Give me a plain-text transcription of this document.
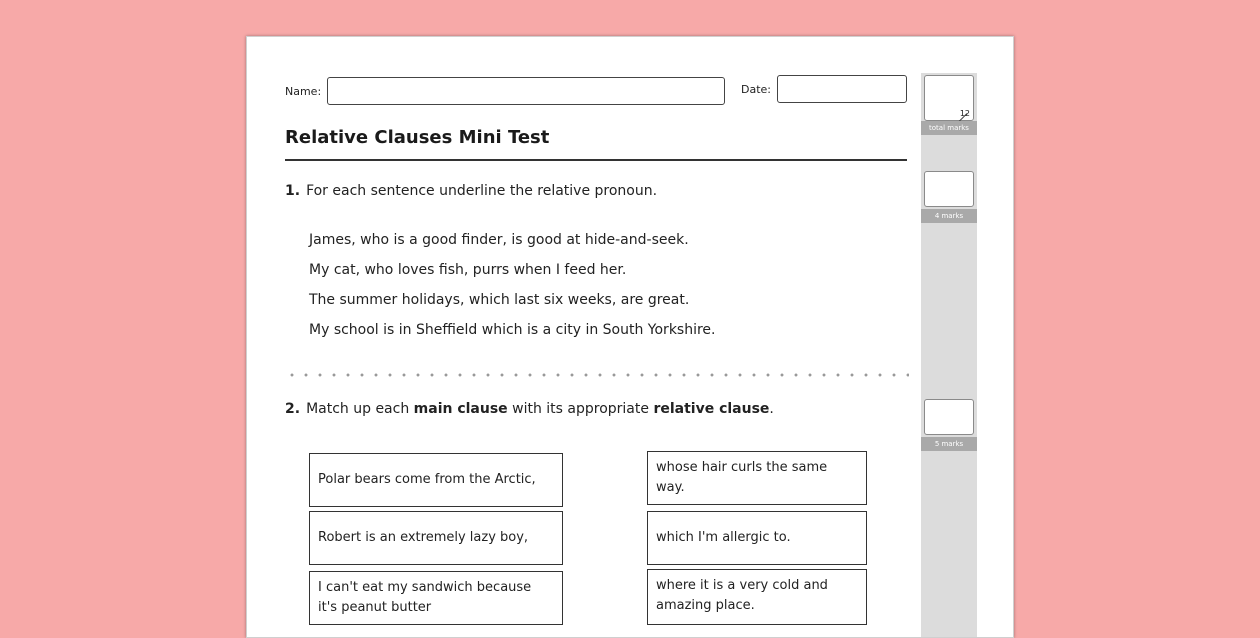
Name:	Date:
Relative Clauses Mini Test
1. For each sentence underline the relative pronoun.
James, who is a good finder, is good at hide-and-seek.
My cat, who loves fish, purrs when I feed her.
The summer holidays, which last six weeks, are great.
My school is in Sheffield which is a city in South Yorkshire.
2. Match up each main clause with its appropriate relative clause.
Polar bears come from the Arctic,
Robert is an extremely lazy boy,
I can't eat my sandwich because it's peanut butter
whose hair curls the same way.
which I'm allergic to.
where it is a very cold and amazing place.
12
total marks
4 marks
5 marks
